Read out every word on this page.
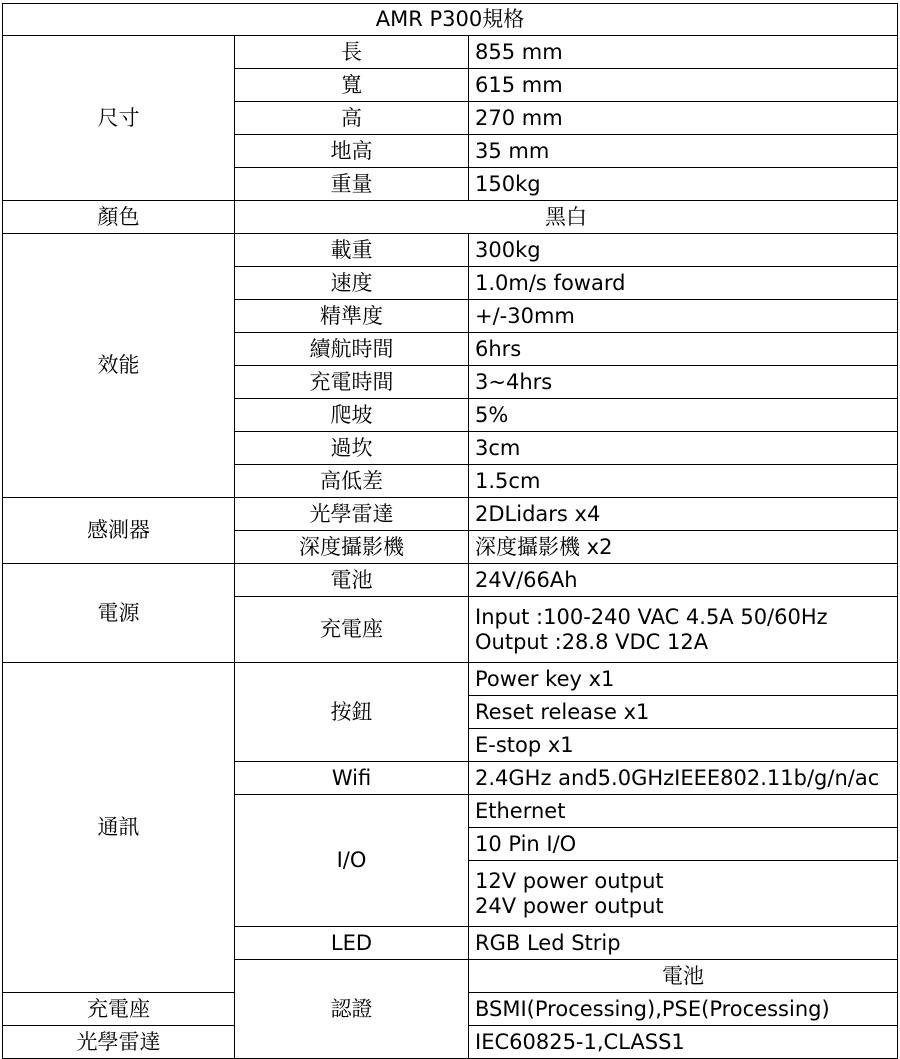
AMR P300規格			
尺寸	長	855 mm	
	寬	615 mm	
	高	270 mm	
	地高	35 mm	
	重量	150kg	
顏色	黑白		
效能	載重	300kg	
	速度	1.0m/s foward	
	精準度	+/-30mm	
	續航時間	6hrs	
	充電時間	3~4hrs	
	爬坡	5%	
	過坎	3cm	
	高低差	1.5cm	
感測器	光學雷達	2DLidars x4	
	深度攝影機	深度攝影機 x2	
電源	電池	24V/66Ah	
	充電座	Input :100-240 VAC 4.5A 50/60Hz
Output :28.8 VDC 12A	

通訊	按鈕	Power key x1	
		Reset release x1	
		E-stop x1	
	Wifi	2.4GHz and5.0GHzIEEE802.11b/g/n/ac	
	I/O	Ethernet	
		10 Pin I/O	

		12V power output
24V power output	

	LED	RGB Led Strip	
	認證	電池	
充電座		BSMI(Processing),PSE(Processing)	
光學雷達		IEC60825-1,CLASS1	
